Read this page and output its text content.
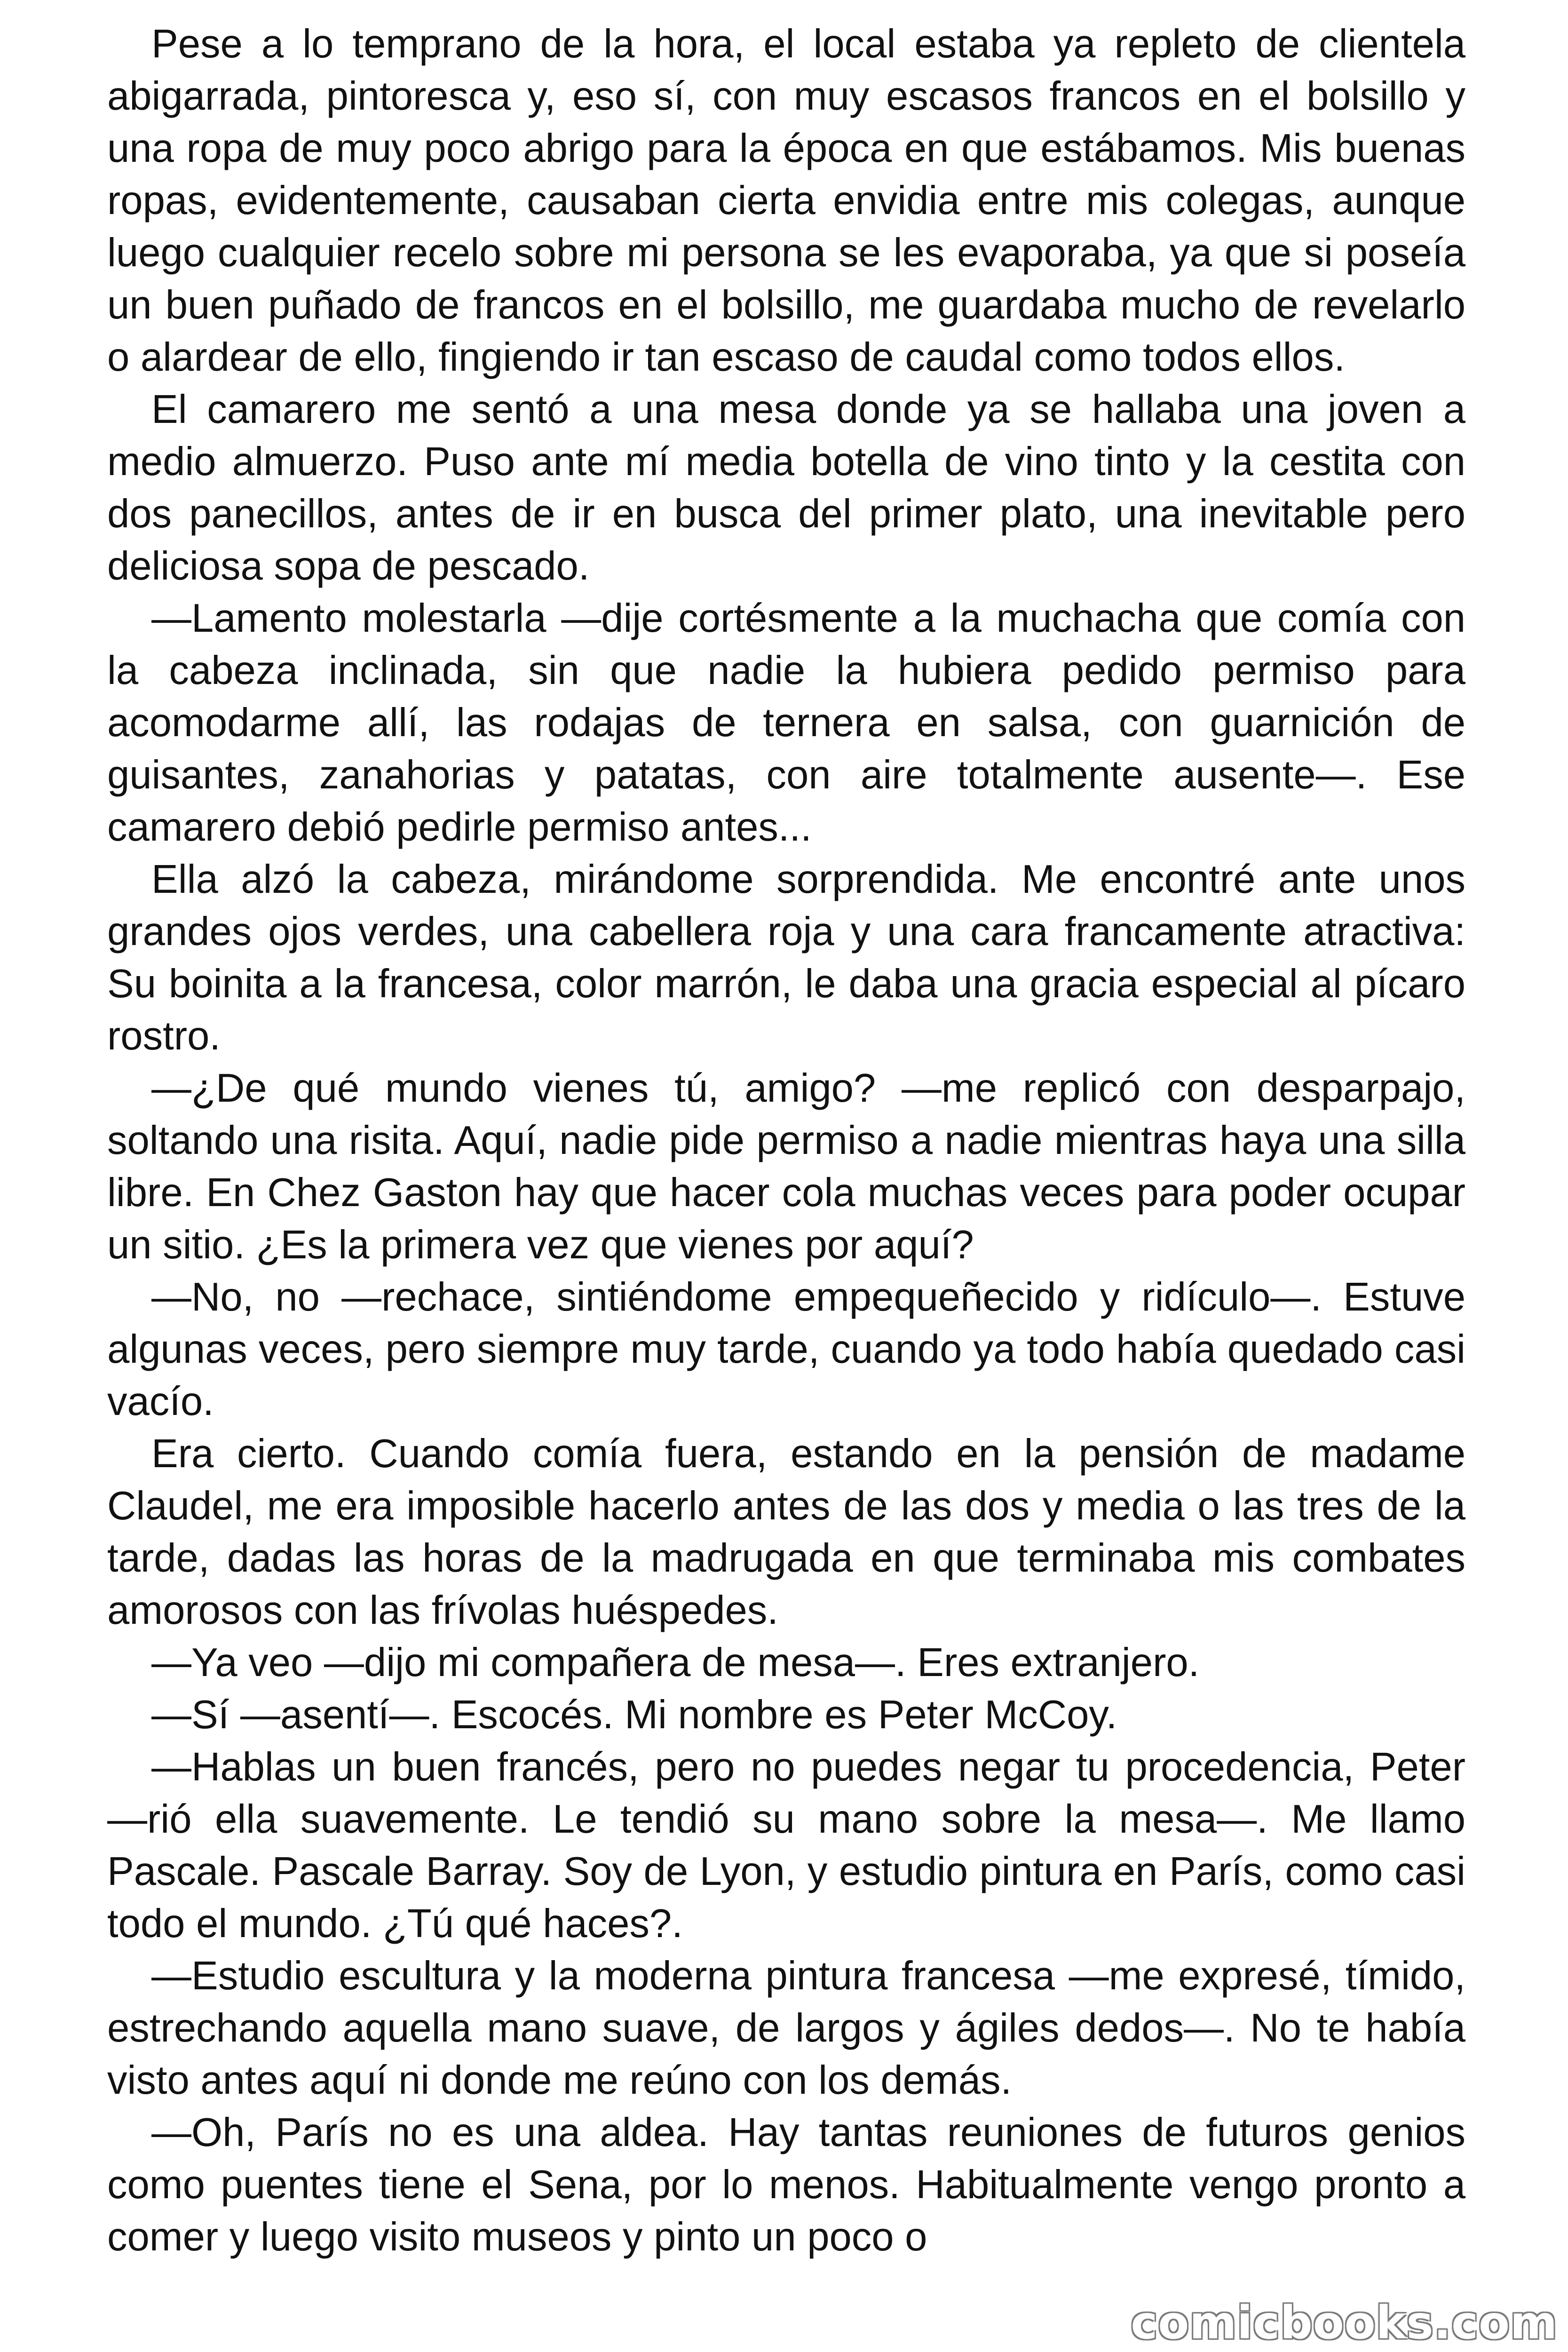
Pese a lo temprano de la hora, el local estaba ya repleto de clientela abigarrada, pintoresca y, eso sí, con muy escasos francos en el bolsillo y una ropa de muy poco abrigo para la época en que estábamos. Mis buenas ropas, evidentemente, causaban cierta envidia entre mis colegas, aunque luego cualquier recelo sobre mi persona se les evaporaba, ya que si poseía un buen puñado de francos en el bolsillo, me guardaba mucho de revelarlo o alardear de ello, fingiendo ir tan escaso de caudal como todos ellos.

El camarero me sentó a una mesa donde ya se hallaba una joven a medio almuerzo. Puso ante mí media botella de vino tinto y la cestita con dos panecillos, antes de ir en busca del primer plato, una inevitable pero deliciosa sopa de pescado.

—Lamento molestarla —dije cortésmente a la muchacha que comía con la cabeza inclinada, sin que nadie la hubiera pedido permiso para acomodarme allí, las rodajas de ternera en salsa, con guarnición de guisantes, zanahorias y patatas, con aire totalmente ausente—. Ese camarero debió pedirle permiso antes...

Ella alzó la cabeza, mirándome sorprendida. Me encontré ante unos grandes ojos verdes, una cabellera roja y una cara francamente atractiva: Su boinita a la francesa, color marrón, le daba una gracia especial al pícaro rostro.

—¿De qué mundo vienes tú, amigo? —me replicó con desparpajo, soltando una risita. Aquí, nadie pide permiso a nadie mientras haya una silla libre. En Chez Gaston hay que hacer cola muchas veces para poder ocupar un sitio. ¿Es la primera vez que vienes por aquí?

—No, no —rechace, sintiéndome empequeñecido y ridículo—. Estuve algunas veces, pero siempre muy tarde, cuando ya todo había quedado casi vacío.

Era cierto. Cuando comía fuera, estando en la pensión de madame Claudel, me era imposible hacerlo antes de las dos y media o las tres de la tarde, dadas las horas de la madrugada en que terminaba mis combates amorosos con las frívolas huéspedes.

—Ya veo —dijo mi compañera de mesa—. Eres extranjero.

—Sí —asentí—. Escocés. Mi nombre es Peter McCoy.

—Hablas un buen francés, pero no puedes negar tu procedencia, Peter —rió ella suavemente. Le tendió su mano sobre la mesa—. Me llamo Pascale. Pascale Barray. Soy de Lyon, y estudio pintura en París, como casi todo el mundo. ¿Tú qué haces?.

—Estudio escultura y la moderna pintura francesa —me expresé, tímido, estrechando aquella mano suave, de largos y ágiles dedos—. No te había visto antes aquí ni donde me reúno con los demás.

—Oh, París no es una aldea. Hay tantas reuniones de futuros genios como puentes tiene el Sena, por lo menos. Habitualmente vengo pronto a comer y luego visito museos y pinto un poco o

comicbooks.com
